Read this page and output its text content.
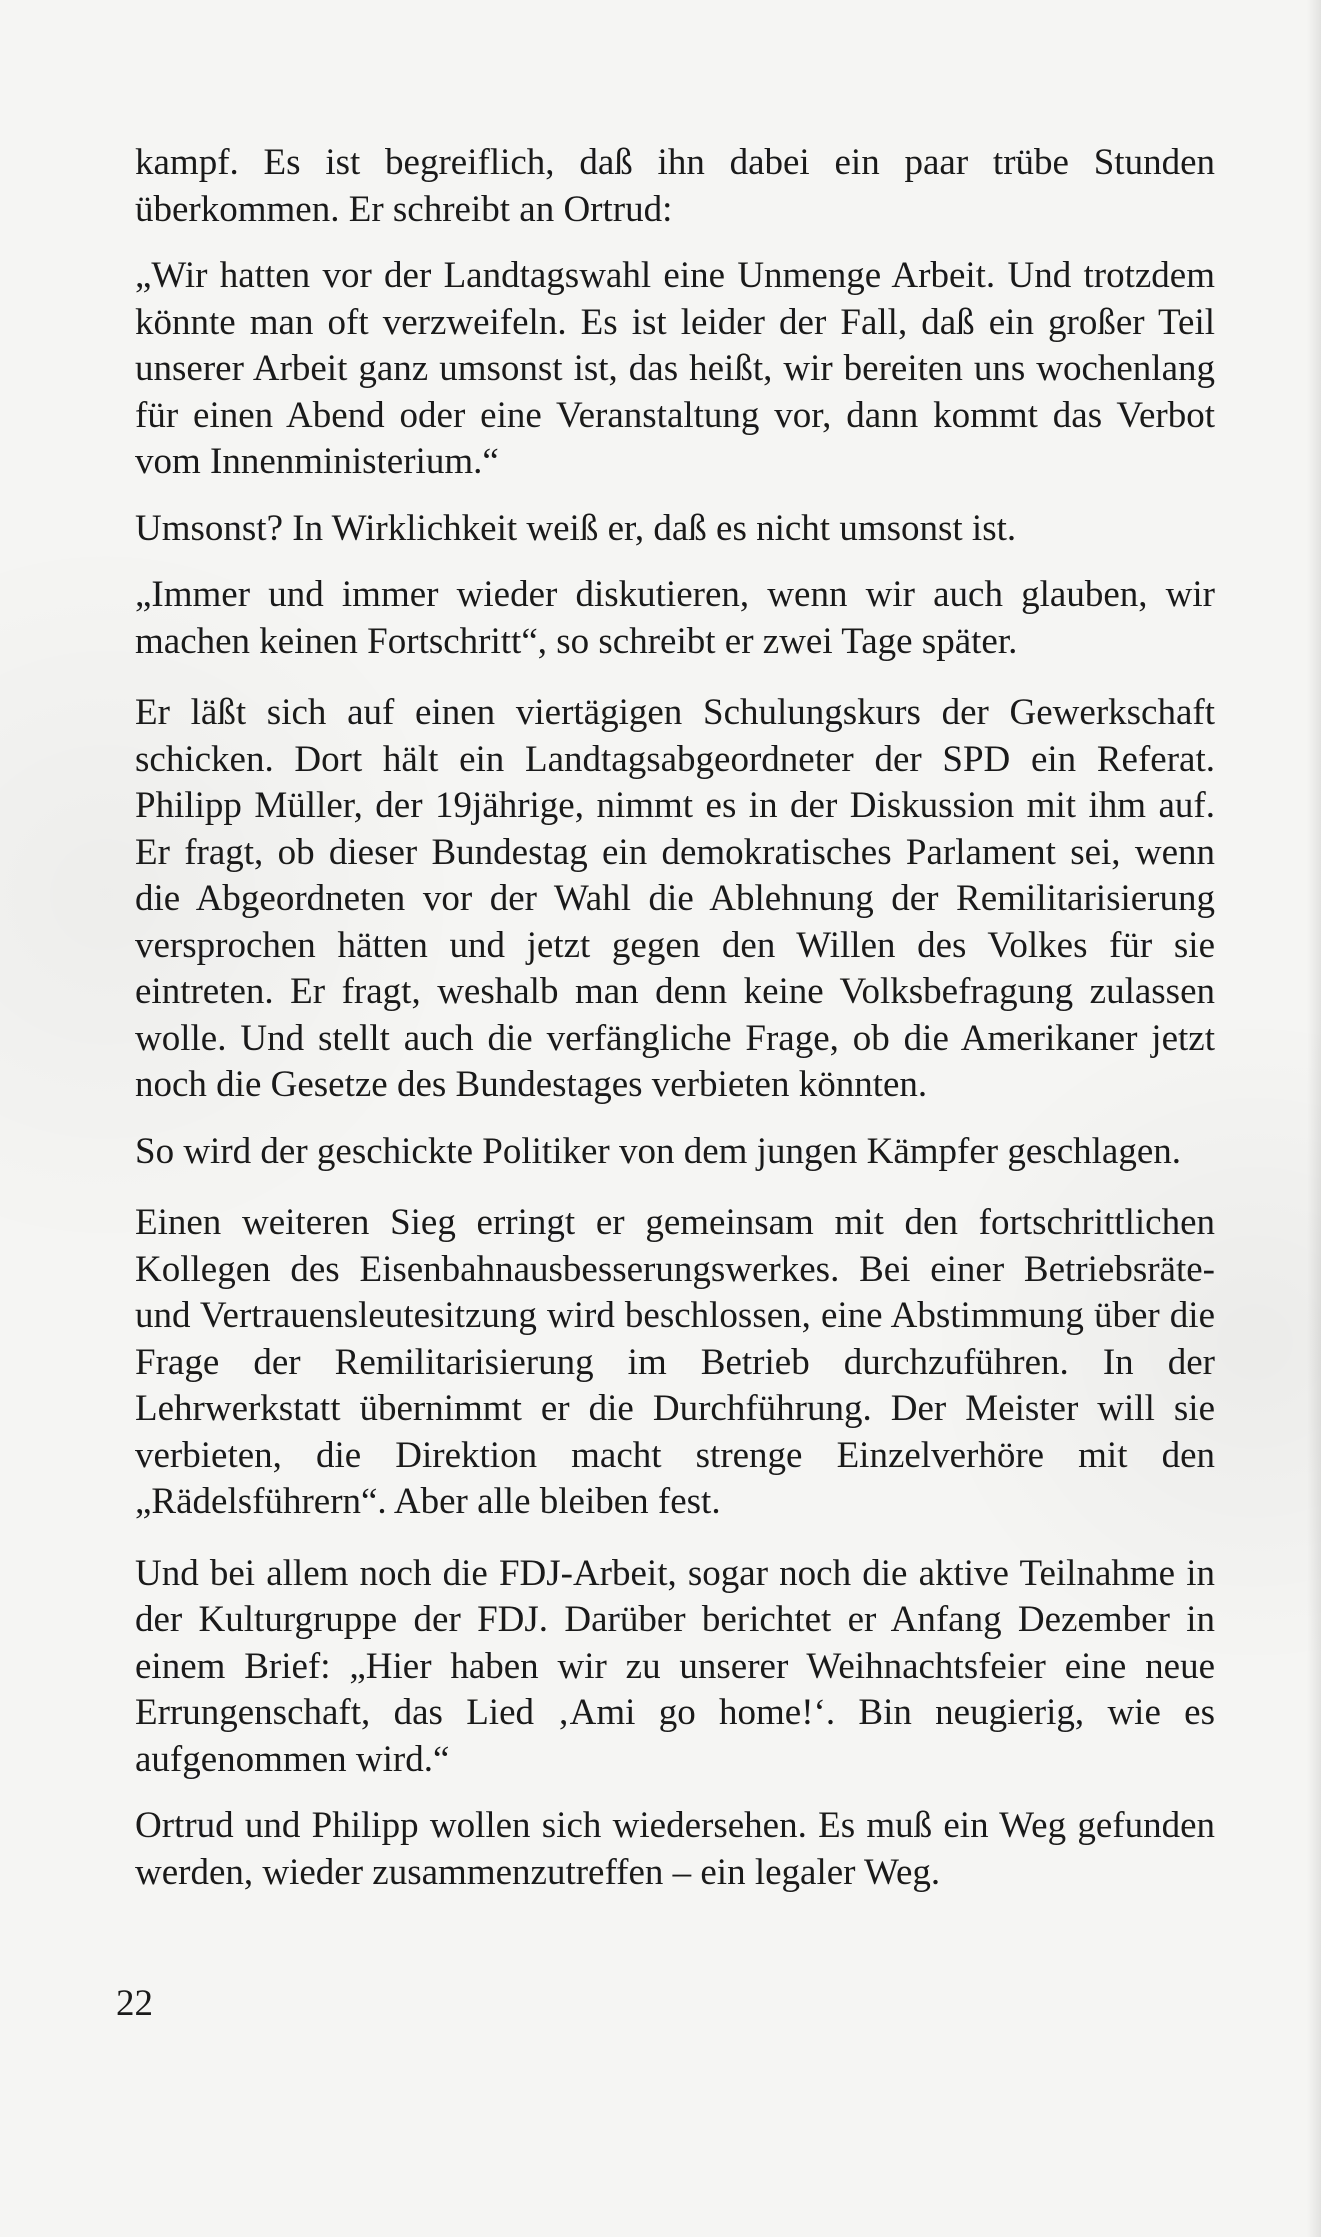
kampf. Es ist begreiflich, daß ihn dabei ein paar trübe Stunden überkommen. Er schreibt an Ortrud:

„Wir hatten vor der Landtagswahl eine Unmenge Arbeit. Und trotzdem könnte man oft verzweifeln. Es ist leider der Fall, daß ein großer Teil unserer Arbeit ganz umsonst ist, das heißt, wir bereiten uns wochenlang für einen Abend oder eine Veranstaltung vor, dann kommt das Verbot vom Innenministerium.“

Umsonst? In Wirklichkeit weiß er, daß es nicht umsonst ist.

„Immer und immer wieder diskutieren, wenn wir auch glauben, wir machen keinen Fortschritt“, so schreibt er zwei Tage später.

Er läßt sich auf einen viertägigen Schulungskurs der Gewerkschaft schicken. Dort hält ein Landtagsabgeordneter der SPD ein Referat. Philipp Müller, der 19jährige, nimmt es in der Diskussion mit ihm auf. Er fragt, ob dieser Bundestag ein demokratisches Parlament sei, wenn die Abgeordneten vor der Wahl die Ablehnung der Remilitarisierung versprochen hätten und jetzt gegen den Willen des Volkes für sie eintreten. Er fragt, weshalb man denn keine Volksbefragung zulassen wolle. Und stellt auch die verfängliche Frage, ob die Amerikaner jetzt noch die Gesetze des Bundestages verbieten könnten.

So wird der geschickte Politiker von dem jungen Kämpfer geschlagen.

Einen weiteren Sieg erringt er gemeinsam mit den fortschrittlichen Kollegen des Eisenbahnausbesserungswerkes. Bei einer Betriebsräte- und Vertrauensleutesitzung wird beschlossen, eine Abstimmung über die Frage der Remilitarisierung im Betrieb durchzuführen. In der Lehrwerkstatt übernimmt er die Durchführung. Der Meister will sie verbieten, die Direktion macht strenge Einzelverhöre mit den „Rädelsführern“. Aber alle bleiben fest.

Und bei allem noch die FDJ-Arbeit, sogar noch die aktive Teilnahme in der Kulturgruppe der FDJ. Darüber berichtet er Anfang Dezember in einem Brief: „Hier haben wir zu unserer Weihnachtsfeier eine neue Errungenschaft, das Lied ‚Ami go home!‘. Bin neugierig, wie es aufgenommen wird.“

Ortrud und Philipp wollen sich wiedersehen. Es muß ein Weg gefunden werden, wieder zusammenzutreffen – ein legaler Weg.

22
